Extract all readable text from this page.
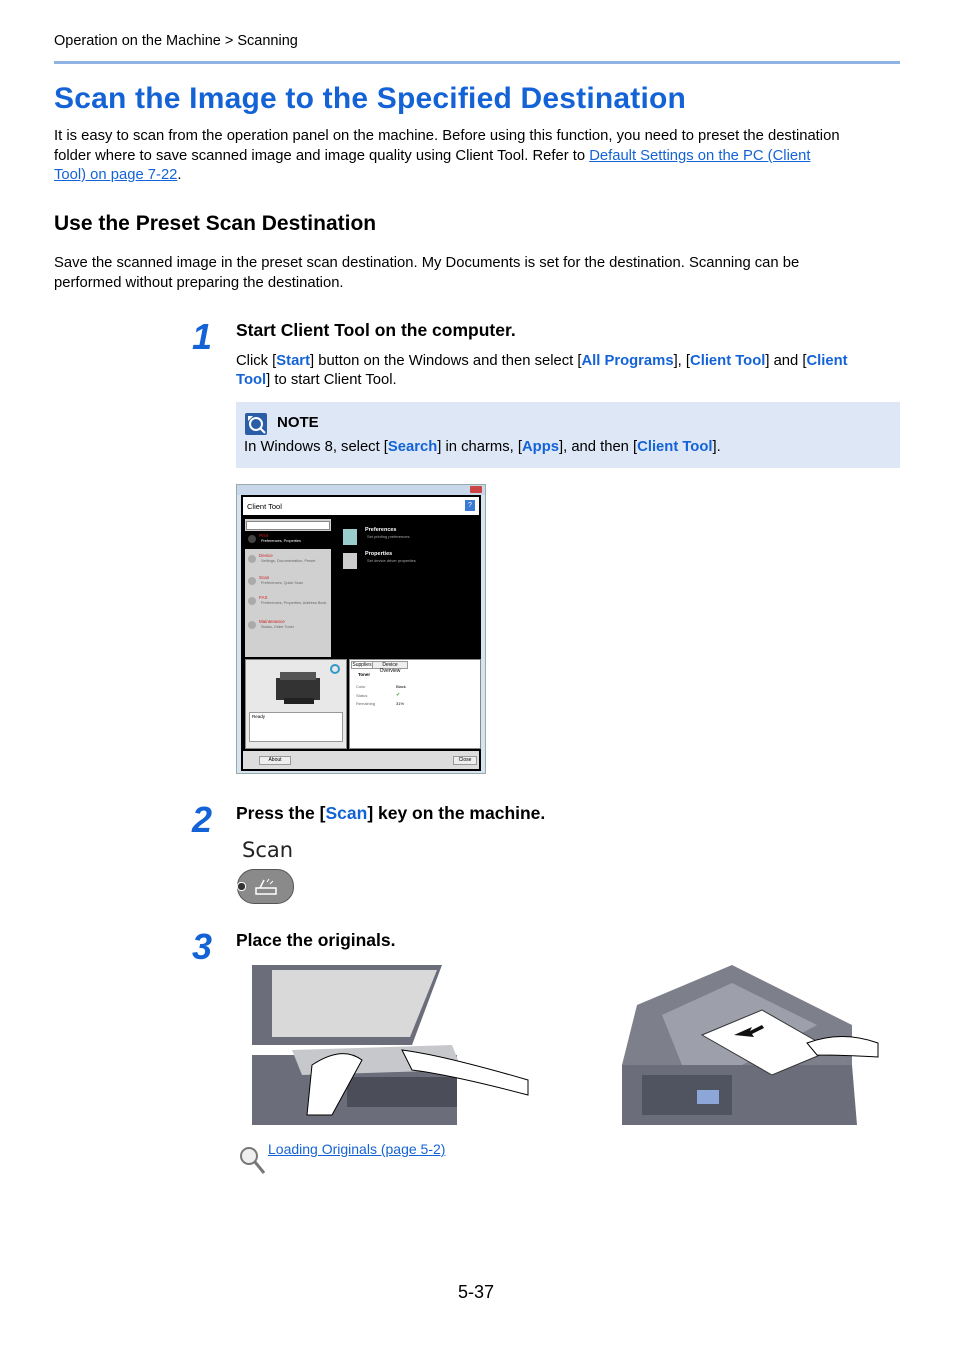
Operation on the Machine > Scanning
Scan the Image to the Specified Destination
It is easy to scan from the operation panel on the machine. Before using this function, you need to preset the destination
folder where to save scanned image and image quality using Client Tool. Refer to Default Settings on the PC (Client
Tool) on page 7-22.
Use the Preset Scan Destination
Save the scanned image in the preset scan destination. My Documents is set for the destination. Scanning can be
performed without preparing the destination.
1 Start Client Tool on the computer.
Click [Start] button on the Windows and then select [All Programs], [Client Tool] and [Client
Tool] to start Client Tool.
NOTE
In Windows 8, select [Search] in charms, [Apps], and then [Client Tool].
Client Tool	?
Print
Preferences, Properties
Device
Settings, Documentation, Preset
Scan
Preferences, Quick Scan
FAX
Preferences, Properties, Address Book
Maintenance
Status, Order Toner
Preferences
Set printing preferences
Properties
Set device driver properties
Ready
Supplies	Device Overview
Toner
Color	Black
Status	✔
Remaining	31%
About	Close
2 Press the [Scan] key on the machine.
Scan
3 Place the originals.
Loading Originals (page 5-2)
5-37
